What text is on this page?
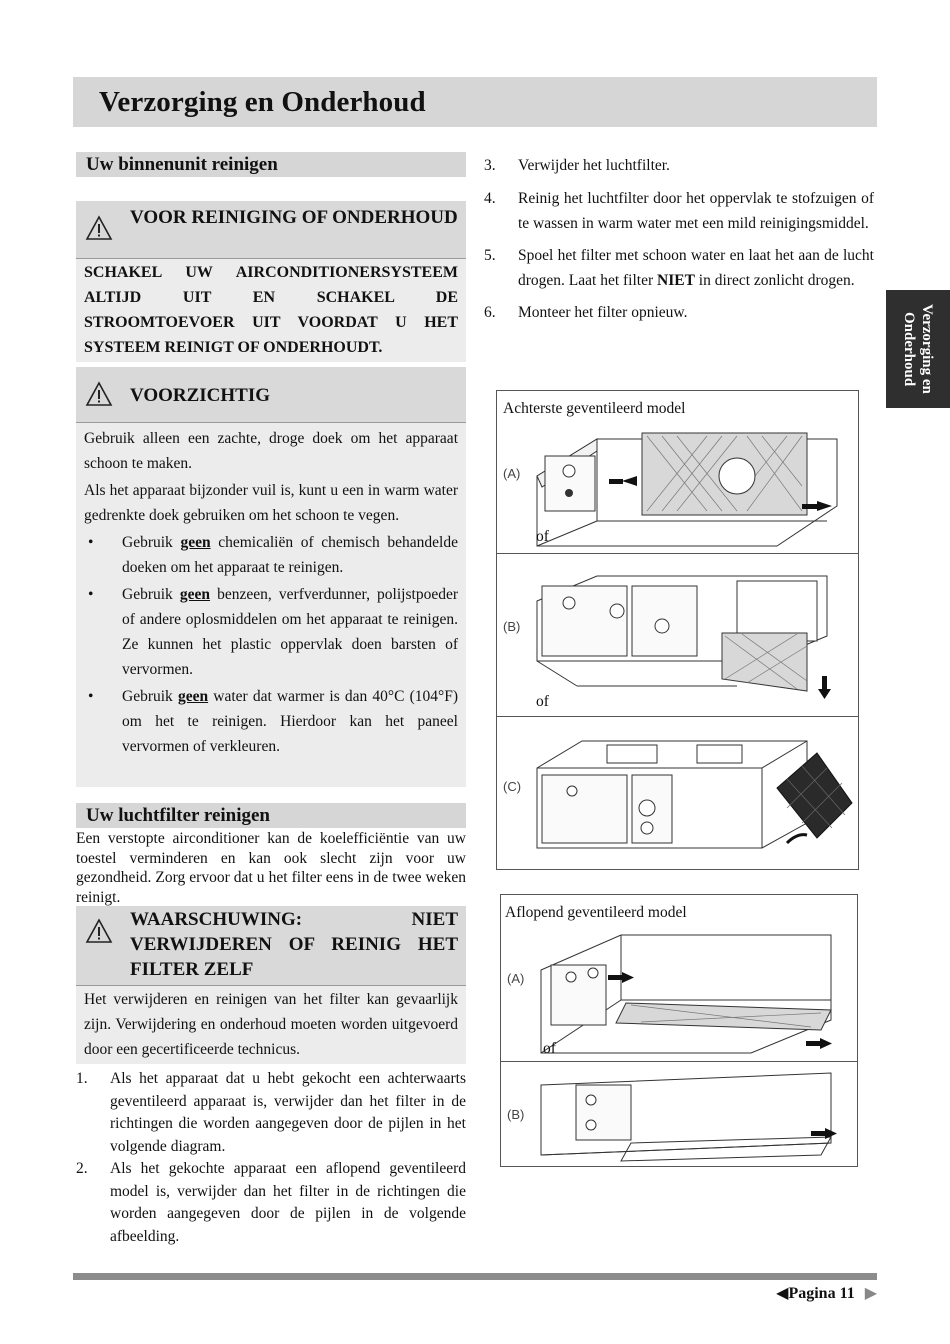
Verzorging en Onderhoud
Verzorging en Onderhoud
Uw binnenunit reinigen
VOOR REINIGING OF ONDERHOUD
SCHAKEL UW AIRCONDITIONERSYSTEEM ALTIJD UIT EN SCHAKEL DE STROOMTOEVOER UIT VOORDAT U HET SYSTEEM REINIGT OF ONDERHOUDT.
VOORZICHTIG

Gebruik alleen een zachte, droge doek om het apparaat schoon te maken.

Als het apparaat bijzonder vuil is, kunt u een in warm water gedrenkte doek gebruiken om het schoon te vegen.

•	Gebruik geen chemicaliën of chemisch behandelde doeken om het apparaat te reinigen.
•	Gebruik geen benzeen, verfverdunner, polijstpoeder of andere oplosmiddelen om het apparaat te reinigen. Ze kunnen het plastic oppervlak doen barsten of vervormen.
•	Gebruik geen water dat warmer is dan 40°C (104°F) om het te reinigen. Hierdoor kan het paneel vervormen of verkleuren.
Uw luchtfilter reinigen
Een verstopte airconditioner kan de koelefficiëntie van uw toestel verminderen en kan ook slecht zijn voor uw gezondheid. Zorg ervoor dat u het filter eens in de twee weken reinigt.
WAARSCHUWING: NIET VERWIJDEREN OF REINIG HET FILTER ZELF
Het verwijderen en reinigen van het filter kan gevaarlijk zijn. Verwijdering en onderhoud moeten worden uitgevoerd door een gecertificeerde technicus.
1.	Als het apparaat dat u hebt gekocht een achterwaarts geventileerd apparaat is, verwijder dan het filter in de richtingen die worden aangegeven door de pijlen in het volgende diagram.
2.	Als het gekochte apparaat een aflopend geventileerd model is, verwijder dan het filter in de richtingen die worden aangegeven door de pijlen in de volgende afbeelding.
3.	Verwijder het luchtfilter.
4.	Reinig het luchtfilter door het oppervlak te stofzuigen of te wassen in warm water met een mild reinigingsmiddel.
5.	Spoel het filter met schoon water en laat het aan de lucht drogen. Laat het filter NIET in direct zonlicht drogen.
6.	Monteer het filter opnieuw.
Achterste geventileerd model
(A)
of
(B)
of
(C)
Aflopend geventileerd model
(A)
of
(B)
◀Pagina 11 ▶
